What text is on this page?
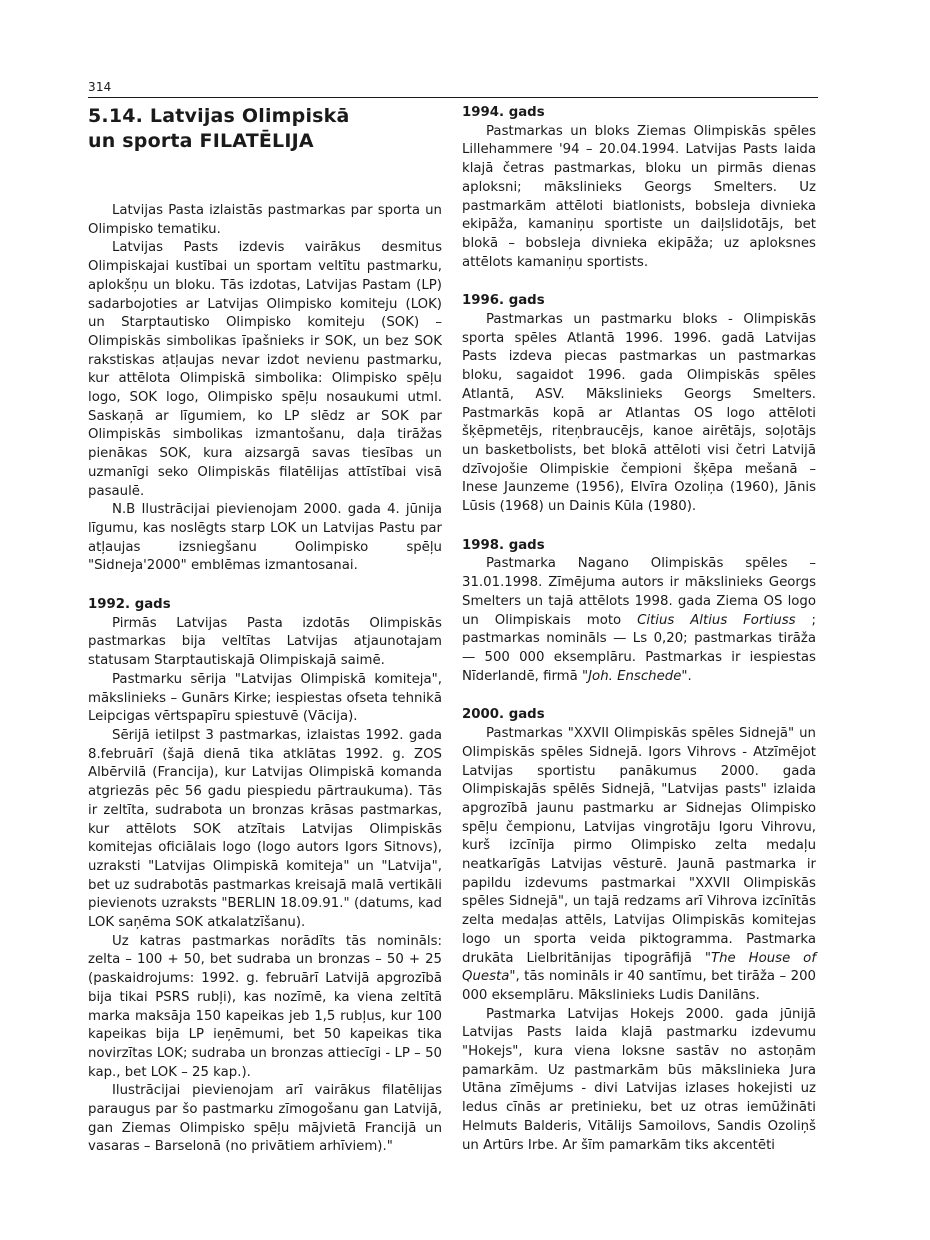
314
5.14. Latvijas Olimpiskā
un sporta FILATĒLIJA

Latvijas Pasta izlaistās pastmarkas par sporta un Olimpisko tematiku.

Latvijas Pasts izdevis vairākus desmitus Olimpiskajai kustībai un sportam veltītu pastmarku, aplokšņu un bloku. Tās izdotas, Latvijas Pastam (LP) sadarbojoties ar Latvijas Olimpisko komiteju (LOK) un Starptautisko Olimpisko komiteju (SOK) – Olimpiskās simbolikas īpašnieks ir SOK, un bez SOK rakstiskas atļaujas nevar izdot nevienu pastmarku, kur attēlota Olimpiskā simbolika: Olimpisko spēļu logo, SOK logo, Olimpisko spēļu nosaukumi utml. Saskaņā ar līgumiem, ko LP slēdz ar SOK par Olimpiskās simbolikas izmantošanu, daļa tirāžas pienākas SOK, kura aizsargā savas tiesības un uzmanīgi seko Olimpiskās filatēlijas attīstībai visā pasaulē.

N.B Ilustrācijai pievienojam 2000. gada 4. jūnija līgumu, kas noslēgts starp LOK un Latvijas Pastu par atļaujas izsniegšanu Oolimpisko spēļu "Sidneja'2000" emblēmas izmantosanai.

1992. gads

Pirmās Latvijas Pasta izdotās Olimpiskās pastmarkas bija veltītas Latvijas atjaunotajam statusam Starptautiskajā Olimpiskajā saimē.

Pastmarku sērija "Latvijas Olimpiskā komiteja", mākslinieks – Gunārs Kirke; iespiestas ofseta tehnikā Leipcigas vērtspapīru spiestuvē (Vācija).

Sērijā ietilpst 3 pastmarkas, izlaistas 1992. gada 8.februārī (šajā dienā tika atklātas 1992. g. ZOS Albērvilā (Francija), kur Latvijas Olimpiskā komanda atgriezās pēc 56 gadu piespiedu pārtraukuma). Tās ir zeltīta, sudrabota un bronzas krāsas pastmarkas, kur attēlots SOK atzītais Latvijas Olimpiskās komitejas oficiālais logo (logo autors Igors Sitnovs), uzraksti "Latvijas Olimpiskā komiteja" un "Latvija", bet uz sudrabotās pastmarkas kreisajā malā vertikāli pievienots uzraksts "BERLIN 18.09.91." (datums, kad LOK saņēma SOK atkalatzīšanu).

Uz katras pastmarkas norādīts tās nomināls: zelta – 100 + 50, bet sudraba un bronzas – 50 + 25 (paskaidrojums: 1992. g. februārī Latvijā apgrozībā bija tikai PSRS rubļi), kas nozīmē, ka viena zeltītā marka maksāja 150 kapeikas jeb 1,5 rubļus, kur 100 kapeikas bija LP ieņēmumi, bet 50 kapeikas tika novirzītas LOK; sudraba un bronzas attiecīgi - LP – 50 kap., bet LOK – 25 kap.).

Ilustrācijai pievienojam arī vairākus filatēlijas paraugus par šo pastmarku zīmogošanu gan Latvijā, gan Ziemas Olimpisko spēļu mājvietā Francijā un vasaras – Barselonā (no privātiem arhīviem)."

1994. gads

Pastmarkas un bloks Ziemas Olimpiskās spēles Lillehammere '94 – 20.04.1994. Latvijas Pasts laida klajā četras pastmarkas, bloku un pirmās dienas aploksni; mākslinieks Georgs Smelters. Uz pastmarkām attēloti biatlonists, bobsleja divnieka ekipāža, kamaniņu sportiste un daiļslidotājs, bet blokā – bobsleja divnieka ekipāža; uz aploksnes attēlots kamaniņu sportists.

1996. gads

Pastmarkas un pastmarku bloks - Olimpiskās sporta spēles Atlantā 1996. 1996. gadā Latvijas Pasts izdeva piecas pastmarkas un pastmarkas bloku, sagaidot 1996. gada Olimpiskās spēles Atlantā, ASV. Mākslinieks Georgs Smelters. Pastmarkās kopā ar Atlantas OS logo attēloti šķēpmetējs, riteņbraucējs, kanoe airētājs, soļotājs un basketbolists, bet blokā attēloti visi četri Latvijā dzīvojošie Olimpiskie čempioni šķēpa mešanā – Inese Jaunzeme (1956), Elvīra Ozoliņa (1960), Jānis Lūsis (1968) un Dainis Kūla (1980).

1998. gads

Pastmarka Nagano Olimpiskās spēles – 31.01.1998. Zīmējuma autors ir mākslinieks Georgs Smelters un tajā attēlots 1998. gada Ziema OS logo un Olimpiskais moto Citius Altius Fortiuss ; pastmarkas nomināls — Ls 0,20; pastmarkas tirāža — 500 000 eksemplāru. Pastmarkas ir iespiestas Nīderlandē, firmā "Joh. Enschede".

2000. gads

Pastmarkas "XXVII Olimpiskās spēles Sidnejā" un Olimpiskās spēles Sidnejā. Igors Vihrovs - Atzīmējot Latvijas sportistu panākumus 2000. gada Olimpiskajās spēlēs Sidnejā, "Latvijas pasts" izlaida apgrozībā jaunu pastmarku ar Sidnejas Olimpisko spēļu čempionu, Latvijas vingrotāju Igoru Vihrovu, kurš izcīnīja pirmo Olimpisko zelta medaļu neatkarīgās Latvijas vēsturē. Jaunā pastmarka ir papildu izdevums pastmarkai "XXVII Olimpiskās spēles Sidnejā", un tajā redzams arī Vihrova izcīnītās zelta medaļas attēls, Latvijas Olimpiskās komitejas logo un sporta veida piktogramma. Pastmarka drukāta Lielbritānijas tipogrāfijā "The House of Questa", tās nomināls ir 40 santīmu, bet tirāža – 200 000 eksemplāru. Mākslinieks Ludis Danilāns.

Pastmarka Latvijas Hokejs 2000. gada jūnijā Latvijas Pasts laida klajā pastmarku izdevumu "Hokejs", kura viena loksne sastāv no astoņām pamarkām. Uz pastmarkām būs mākslinieka Jura Utāna zīmējums - divi Latvijas izlases hokejisti uz ledus cīnās ar pretinieku, bet uz otras iemūžināti Helmuts Balderis, Vitālijs Samoilovs, Sandis Ozoliņš un Artūrs Irbe. Ar šīm pamarkām tiks akcentēti
